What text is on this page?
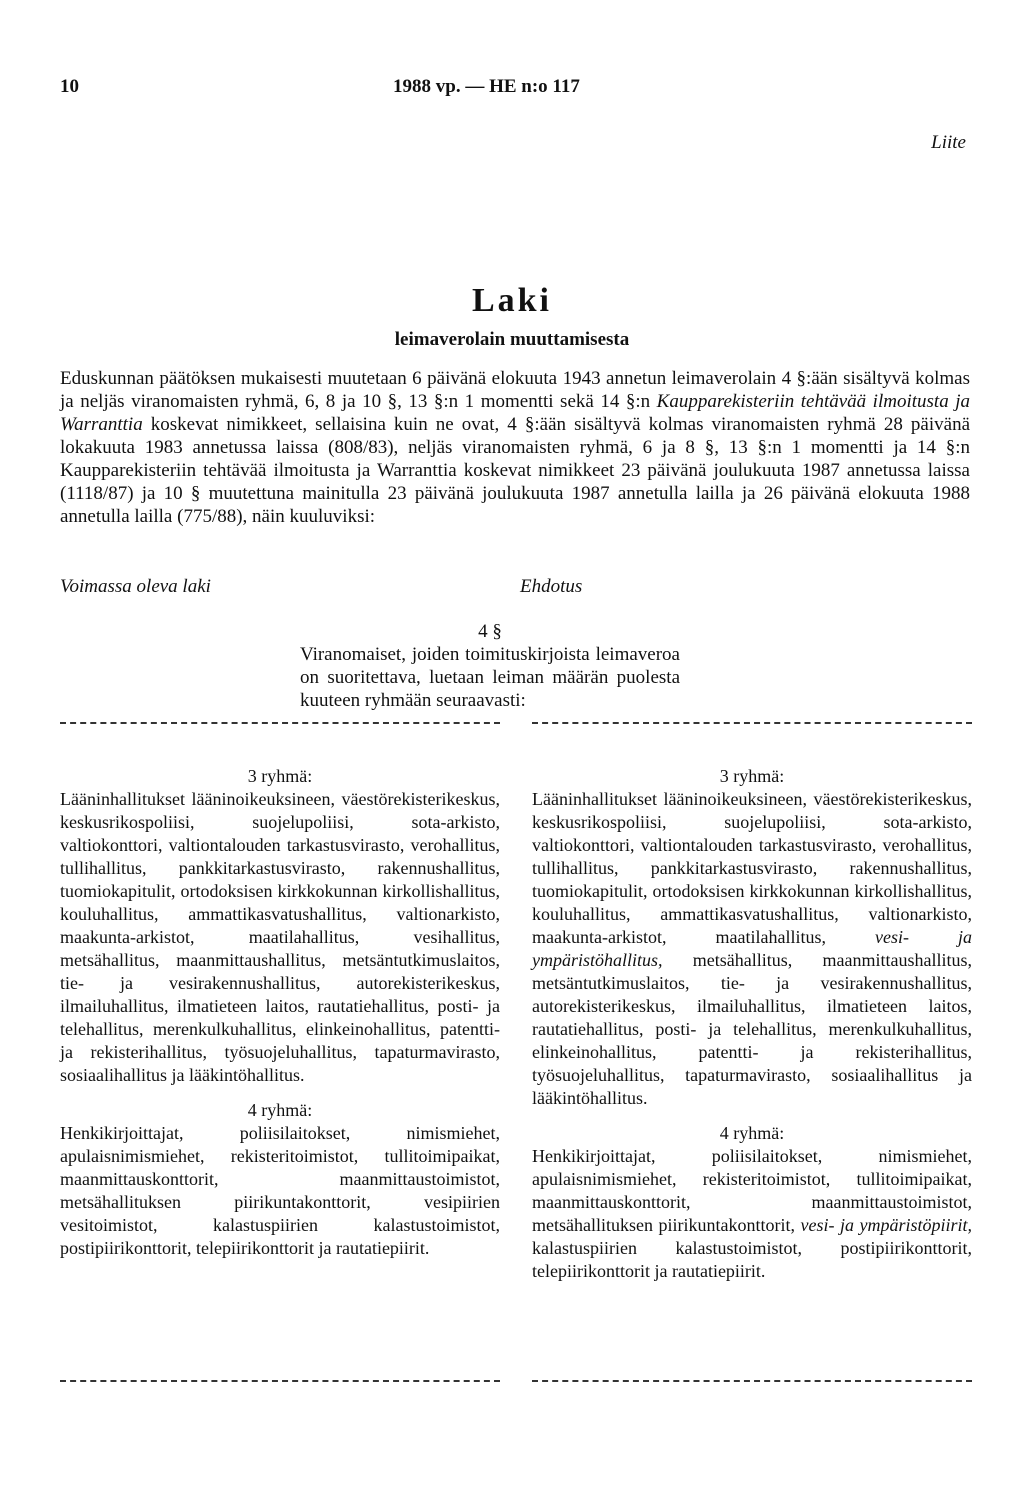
10	1988 vp. — HE n:o 117
Liite
Laki
leimaverolain muuttamisesta

Eduskunnan päätöksen mukaisesti muutetaan 6 päivänä elokuuta 1943 annetun leimaverolain 4 §:ään sisältyvä kolmas ja neljäs viranomaisten ryhmä, 6, 8 ja 10 §, 13 §:n 1 momentti sekä 14 §:n Kaupparekisteriin tehtävää ilmoitusta ja Warranttia koskevat nimikkeet, sellaisina kuin ne ovat, 4 §:ään sisältyvä kolmas viranomaisten ryhmä 28 päivänä lokakuuta 1983 annetussa laissa (808/83), neljäs viranomaisten ryhmä, 6 ja 8 §, 13 §:n 1 momentti ja 14 §:n Kaupparekisteriin tehtävää ilmoitusta ja Warranttia koskevat nimikkeet 23 päivänä joulukuuta 1987 annetussa laissa (1118/87) ja 10 § muutettuna mainitulla 23 päivänä joulukuuta 1987 annetulla lailla ja 26 päivänä elokuuta 1988 annetulla lailla (775/88), näin kuuluviksi:

Voimassa oleva laki	Ehdotus
4 §
Viranomaiset, joiden toimituskirjoista leimaveroa on suoritettava, luetaan leiman määrän puolesta kuuteen ryhmään seuraavasti:
3 ryhmä:

Lääninhallitukset lääninoikeuksineen, väestörekisterikeskus, keskusrikospoliisi, suojelupoliisi, sota-arkisto, valtiokonttori, valtiontalouden tarkastusvirasto, verohallitus, tullihallitus, pankkitarkastusvirasto, rakennushallitus, tuomiokapitulit, ortodoksisen kirkkokunnan kirkollishallitus, kouluhallitus, ammattikasvatushallitus, valtionarkisto, maakunta-arkistot, maatilahallitus, vesihallitus, metsähallitus, maanmittaushallitus, metsäntutkimuslaitos, tie- ja vesirakennushallitus, autorekisterikeskus, ilmailuhallitus, ilmatieteen laitos, rautatiehallitus, posti- ja telehallitus, merenkulkuhallitus, elinkeinohallitus, patentti- ja rekisterihallitus, työsuojeluhallitus, tapaturmavirasto, sosiaalihallitus ja lääkintöhallitus.

4 ryhmä:

Henkikirjoittajat, poliisilaitokset, nimismiehet, apulaisnimismiehet, rekisteritoimistot, tullitoimipaikat, maanmittauskonttorit, maanmittaustoimistot, metsähallituksen piirikuntakonttorit, vesipiirien vesitoimistot, kalastuspiirien kalastustoimistot, postipiirikonttorit, telepiirikonttorit ja rautatiepiirit.

3 ryhmä:

Lääninhallitukset lääninoikeuksineen, väestörekisterikeskus, keskusrikospoliisi, suojelupoliisi, sota-arkisto, valtiokonttori, valtiontalouden tarkastusvirasto, verohallitus, tullihallitus, pankkitarkastusvirasto, rakennushallitus, tuomiokapitulit, ortodoksisen kirkkokunnan kirkollishallitus, kouluhallitus, ammattikasvatushallitus, valtionarkisto, maakunta-arkistot, maatilahallitus, vesi- ja ympäristöhallitus, metsähallitus, maanmittaushallitus, metsäntutkimuslaitos, tie- ja vesirakennushallitus, autorekisterikeskus, ilmailuhallitus, ilmatieteen laitos, rautatiehallitus, posti- ja telehallitus, merenkulkuhallitus, elinkeinohallitus, patentti- ja rekisterihallitus, työsuojeluhallitus, tapaturmavirasto, sosiaalihallitus ja lääkintöhallitus.

4 ryhmä:

Henkikirjoittajat, poliisilaitokset, nimismiehet, apulaisnimismiehet, rekisteritoimistot, tullitoimipaikat, maanmittauskonttorit, maanmittaustoimistot, metsähallituksen piirikuntakonttorit, vesi- ja ympäristöpiirit, kalastuspiirien kalastustoimistot, postipiirikonttorit, telepiirikonttorit ja rautatiepiirit.
